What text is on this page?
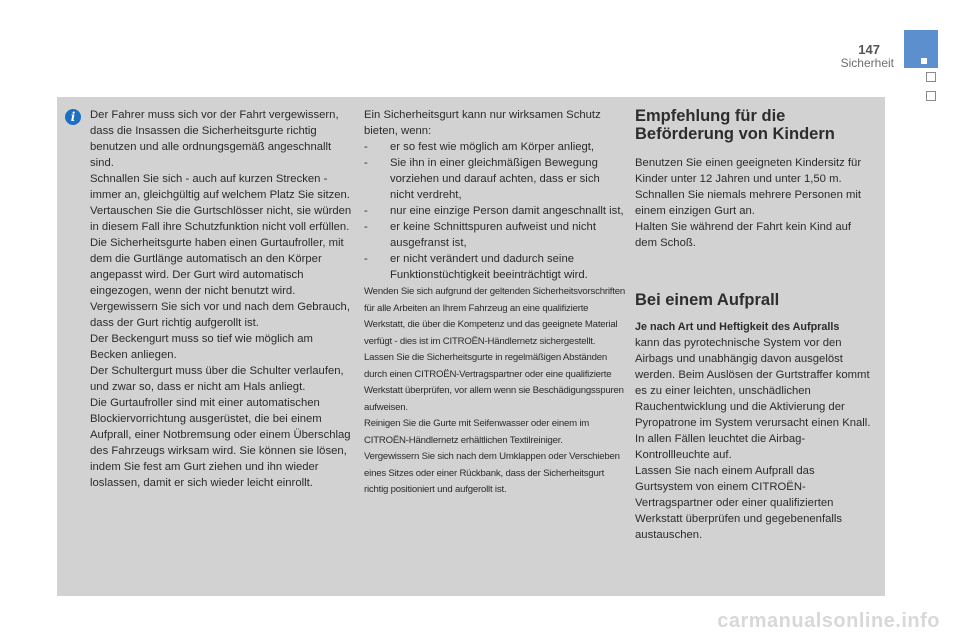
147
Sicherheit
i	Der Fahrer muss sich vor der Fahrt vergewissern, dass die Insassen die Sicherheitsgurte richtig benutzen und alle ordnungsgemäß angeschnallt sind.

Schnallen Sie sich - auch auf kurzen Strecken - immer an, gleichgültig auf welchem Platz Sie sitzen.

Vertauschen Sie die Gurtschlösser nicht, sie würden in diesem Fall ihre Schutzfunktion nicht voll erfüllen.

Die Sicherheitsgurte haben einen Gurtaufroller, mit dem die Gurtlänge automatisch an den Körper angepasst wird. Der Gurt wird automatisch eingezogen, wenn der nicht benutzt wird.

Vergewissern Sie sich vor und nach dem Gebrauch, dass der Gurt richtig aufgerollt ist.

Der Beckengurt muss so tief wie möglich am Becken anliegen.

Der Schultergurt muss über die Schulter verlaufen, und zwar so, dass er nicht am Hals anliegt.

Die Gurtaufroller sind mit einer automatischen Blockiervorrichtung ausgerüstet, die bei einem Aufprall, einer Notbremsung oder einem Überschlag des Fahrzeugs wirksam wird. Sie können sie lösen, indem Sie fest am Gurt ziehen und ihn wieder loslassen, damit er sich wieder leicht einrollt.

Ein Sicherheitsgurt kann nur wirksamen Schutz bieten, wenn:

- er so fest wie möglich am Körper anliegt,
- Sie ihn in einer gleichmäßigen Bewegung vorziehen und darauf achten, dass er sich nicht verdreht,
- nur eine einzige Person damit angeschnallt ist,
- er keine Schnittspuren aufweist und nicht ausgefranst ist,
- er nicht verändert und dadurch seine Funktionstüchtigkeit beeinträchtigt wird.

Wenden Sie sich aufgrund der geltenden Sicherheitsvorschriften für alle Arbeiten an Ihrem Fahrzeug an eine qualifizierte Werkstatt, die über die Kompetenz und das geeignete Material verfügt - dies ist im CITROËN-Händlernetz sichergestellt.

Lassen Sie die Sicherheitsgurte in regelmäßigen Abständen durch einen CITROËN-Vertragspartner oder eine qualifizierte Werkstatt überprüfen, vor allem wenn sie Beschädigungsspuren aufweisen.

Reinigen Sie die Gurte mit Seifenwasser oder einem im CITROËN-Händlernetz erhältlichen Textilreiniger.

Vergewissern Sie sich nach dem Umklappen oder Verschieben eines Sitzes oder einer Rückbank, dass der Sicherheitsgurt richtig positioniert und aufgerollt ist.

Empfehlung für die Beförderung von Kindern

Benutzen Sie einen geeigneten Kindersitz für Kinder unter 12 Jahren und unter 1,50 m.

Schnallen Sie niemals mehrere Personen mit einem einzigen Gurt an.

Halten Sie während der Fahrt kein Kind auf dem Schoß.

Bei einem Aufprall

Je nach Art und Heftigkeit des Aufpralls

kann das pyrotechnische System vor den Airbags und unabhängig davon ausgelöst werden. Beim Auslösen der Gurtstraffer kommt es zu einer leichten, unschädlichen Rauchentwicklung und die Aktivierung der Pyropatrone im System verursacht einen Knall.

In allen Fällen leuchtet die Airbag-Kontrollleuchte auf.

Lassen Sie nach einem Aufprall das Gurtsystem von einem CITROËN-Vertragspartner oder einer qualifizierten Werkstatt überprüfen und gegebenenfalls austauschen.

carmanualsonline.info
